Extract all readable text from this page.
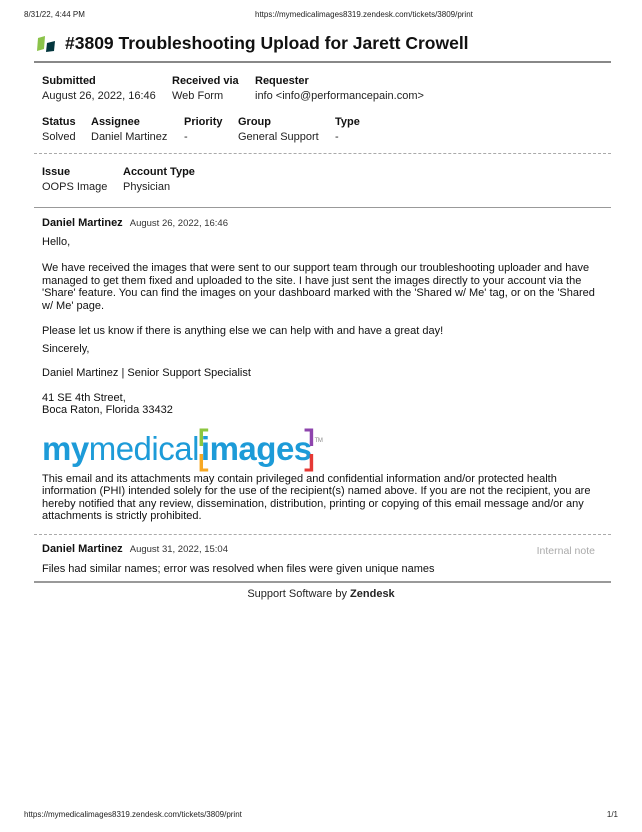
8/31/22, 4:44 PM	https://mymedicalimages8319.zendesk.com/tickets/3809/print
#3809 Troubleshooting Upload for Jarett Crowell
Submitted	Received via	Requester
August 26, 2022, 16:46	Web Form	info <info@performancepain.com>
Status	Assignee	Priority	Group	Type
Solved	Daniel Martinez	-	General Support	-
Issue	Account Type
OOPS Image	Physician
Daniel Martinez August 26, 2022, 16:46

Hello,

We have received the images that were sent to our support team through our troubleshooting uploader and have managed to get them fixed and uploaded to the site. I have just sent the images directly to your account via the 'Share' feature. You can find the images on your dashboard marked with the 'Shared w/ Me' tag, or on the 'Shared w/ Me' page.

Please let us know if there is anything else we can help with and have a great day!

Sincerely,

Daniel Martinez | Senior Support Specialist

41 SE 4th Street,

Boca Raton, Florida 33432

my medical images TM

This email and its attachments may contain privileged and confidential information and/or protected health information (PHI) intended solely for the use of the recipient(s) named above. If you are not the recipient, you are hereby notified that any review, dissemination, distribution, printing or copying of this email message and/or any attachments is strictly prohibited.

Daniel Martinez August 31, 2022, 15:04	Internal note

Files had similar names; error was resolved when files were given unique names

Support Software by Zendesk
https://mymedicalimages8319.zendesk.com/tickets/3809/print	1/1
